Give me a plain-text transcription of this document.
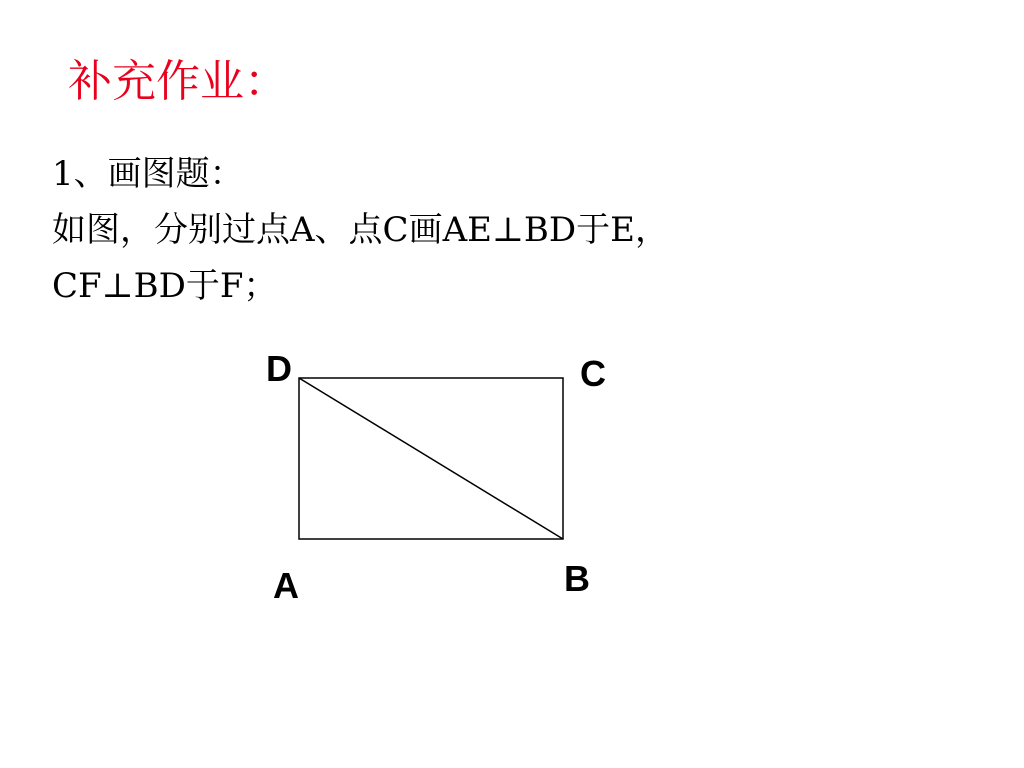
补充作业：
1、画图题：
如图，分别过点A、点C画AE⊥BD于E，
CF⊥BD于F；
D	C
A	B
